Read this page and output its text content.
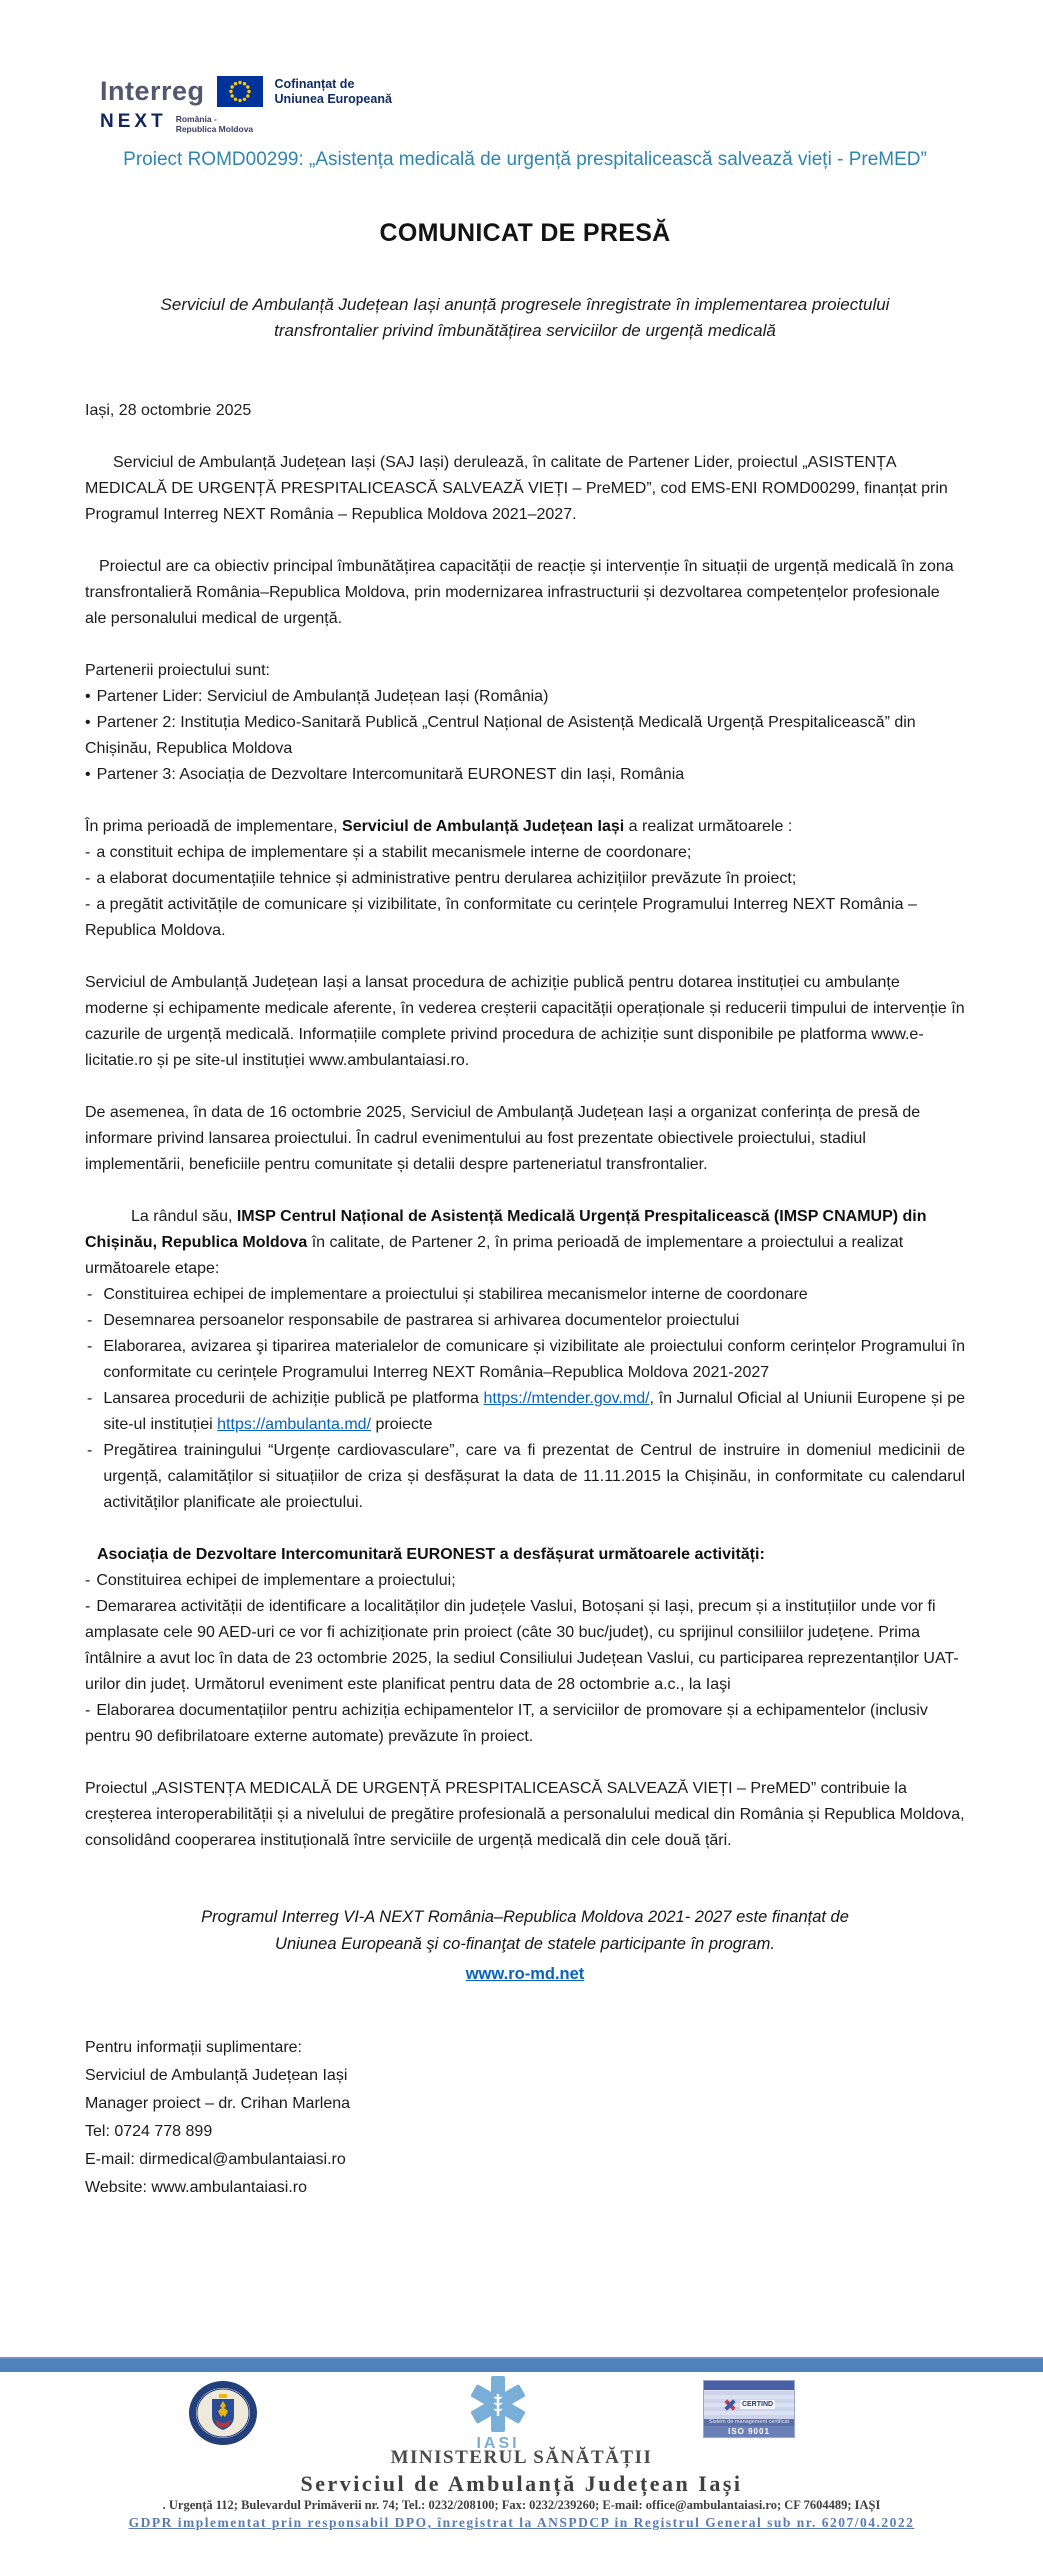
Interreg	Cofinanțat de
Uniunea Europeană
NEXT România -
Republica Moldova
Proiect ROMD00299: „Asistența medicală de urgență prespitalicească salvează vieți - PreMED”
COMUNICAT DE PRESĂ
Serviciul de Ambulanță Județean Iași anunță progresele înregistrate în implementarea proiectului transfrontalier privind îmbunătățirea serviciilor de urgență medicală
Iași, 28 octombrie 2025

Serviciul de Ambulanță Județean Iași (SAJ Iași) derulează, în calitate de Partener Lider, proiectul „ASISTENȚA MEDICALĂ DE URGENȚĂ PRESPITALICEASCĂ SALVEAZĂ VIEȚI – PreMED”, cod EMS-ENI ROMD00299, finanțat prin Programul Interreg NEXT România – Republica Moldova 2021–2027.

Proiectul are ca obiectiv principal îmbunătățirea capacității de reacție și intervenție în situații de urgență medicală în zona transfrontalieră România–Republica Moldova, prin modernizarea infrastructurii și dezvoltarea competențelor profesionale ale personalului medical de urgență.

Partenerii proiectului sunt:
• Partener Lider: Serviciul de Ambulanță Județean Iași (România)
• Partener 2: Instituția Medico-Sanitară Publică „Centrul Național de Asistență Medicală Urgență Prespitalicească” din Chișinău, Republica Moldova
• Partener 3: Asociația de Dezvoltare Intercomunitară EURONEST din Iași, România
În prima perioadă de implementare, Serviciul de Ambulanță Județean Iași a realizat următoarele :
- a constituit echipa de implementare și a stabilit mecanismele interne de coordonare;
- a elaborat documentațiile tehnice și administrative pentru derularea achizițiilor prevăzute în proiect;
- a pregătit activitățile de comunicare și vizibilitate, în conformitate cu cerințele Programului Interreg NEXT România – Republica Moldova.

Serviciul de Ambulanță Județean Iași a lansat procedura de achiziție publică pentru dotarea instituției cu ambulanțe moderne și echipamente medicale aferente, în vederea creșterii capacității operaționale și reducerii timpului de intervenție în cazurile de urgență medicală. Informațiile complete privind procedura de achiziție sunt disponibile pe platforma www.e-licitatie.ro și pe site-ul instituției www.ambulantaiasi.ro.

De asemenea, în data de 16 octombrie 2025, Serviciul de Ambulanță Județean Iași a organizat conferința de presă de informare privind lansarea proiectului. În cadrul evenimentului au fost prezentate obiectivele proiectului, stadiul implementării, beneficiile pentru comunitate și detalii despre parteneriatul transfrontalier.

La rândul său, IMSP Centrul Național de Asistență Medicală Urgență Prespitalicească (IMSP CNAMUP) din Chișinău, Republica Moldova în calitate, de Partener 2, în prima perioadă de implementare a proiectului a realizat următoarele etape:

- Constituirea echipei de implementare a proiectului și stabilirea mecanismelor interne de coordonare
- Desemnarea persoanelor responsabile de pastrarea si arhivarea documentelor proiectului
- Elaborarea, avizarea şi tiparirea materialelor de comunicare și vizibilitate ale proiectului conform cerințelor Programului în conformitate cu cerințele Programului Interreg NEXT România–Republica Moldova 2021-2027
- Lansarea procedurii de achiziție publică pe platforma https://mtender.gov.md/, în Jurnalul Oficial al Uniunii Europene și pe site-ul instituției https://ambulanta.md/ proiecte
- Pregătirea trainingului “Urgențe cardiovasculare”, care va fi prezentat de Centrul de instruire in domeniul medicinii de urgență, calamităților si situațiilor de criza și desfășurat la data de 11.11.2015 la Chișinău, in conformitate cu calendarul activităților planificate ale proiectului.

Asociația de Dezvoltare Intercomunitară EURONEST a desfășurat următoarele activități:

- Constituirea echipei de implementare a proiectului;
- Demararea activității de identificare a localităților din județele Vaslui, Botoșani și Iași, precum și a instituțiilor unde vor fi amplasate cele 90 AED-uri ce vor fi achiziționate prin proiect (câte 30 buc/județ), cu sprijinul consiliilor județene. Prima întâlnire a avut loc în data de 23 octombrie 2025, la sediul Consiliului Județean Vaslui, cu participarea reprezentanților UAT-urilor din județ. Următorul eveniment este planificat pentru data de 28 octombrie a.c., la Iaşi
- Elaborarea documentațiilor pentru achiziția echipamentelor IT, a serviciilor de promovare și a echipamentelor (inclusiv pentru 90 defibrilatoare externe automate) prevăzute în proiect.

Proiectul „ASISTENȚA MEDICALĂ DE URGENȚĂ PRESPITALICEASCĂ SALVEAZĂ VIEȚI – PreMED” contribuie la creșterea interoperabilității și a nivelului de pregătire profesională a personalului medical din România și Republica Moldova, consolidând cooperarea instituțională între serviciile de urgență medicală din cele două țări.

Programul Interreg VI-A NEXT România–Republica Moldova 2021- 2027 este finanțat de Uniunea Europeană şi co-finanţat de statele participante în program.
www.ro-md.net
Pentru informații suplimentare:
Serviciul de Ambulanță Județean Iași
Manager proiect – dr. Crihan Marlena
Tel: 0724 778 899
E-mail: dirmedical@ambulantaiasi.ro
Website: www.ambulantaiasi.ro
IASI
CERTIND
Sistem de management certificat
ISO 9001
MINISTERUL SĂNĂTĂȚII
Serviciul de Ambulanță Județean Iași
. Urgență 112; Bulevardul Primăverii nr. 74; Tel.: 0232/208100; Fax: 0232/239260; E-mail: office@ambulantaiasi.ro; CF 7604489; IAȘI
GDPR implementat prin responsabil DPO, înregistrat la ANSPDCP in Registrul General sub nr. 6207/04.2022
